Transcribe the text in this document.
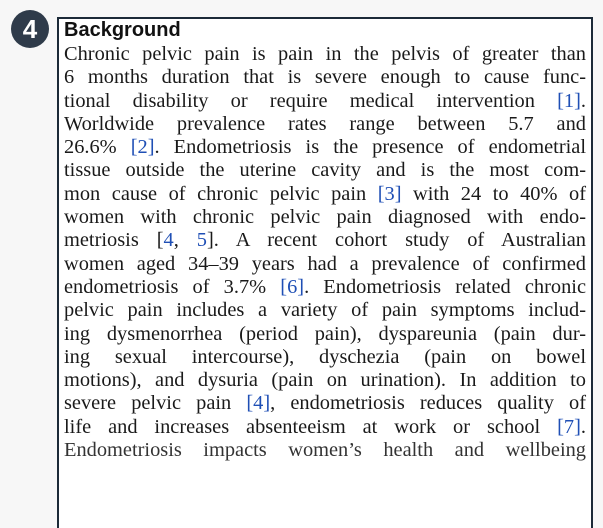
4	Background
Chronic pelvic pain is pain in the pelvis of greater than
6 months duration that is severe enough to cause func-
tional disability or require medical intervention [1].
Worldwide prevalence rates range between 5.7 and
26.6% [2]. Endometriosis is the presence of endometrial
tissue outside the uterine cavity and is the most com-
mon cause of chronic pelvic pain [3] with 24 to 40% of
women with chronic pelvic pain diagnosed with endo-
metriosis [4, 5]. A recent cohort study of Australian
women aged 34–39 years had a prevalence of confirmed
endometriosis of 3.7% [6]. Endometriosis related chronic
pelvic pain includes a variety of pain symptoms includ-
ing dysmenorrhea (period pain), dyspareunia (pain dur-
ing sexual intercourse), dyschezia (pain on bowel
motions), and dysuria (pain on urination). In addition to
severe pelvic pain [4], endometriosis reduces quality of
life and increases absenteeism at work or school [7].
Endometriosis impacts women’s health and wellbeing
